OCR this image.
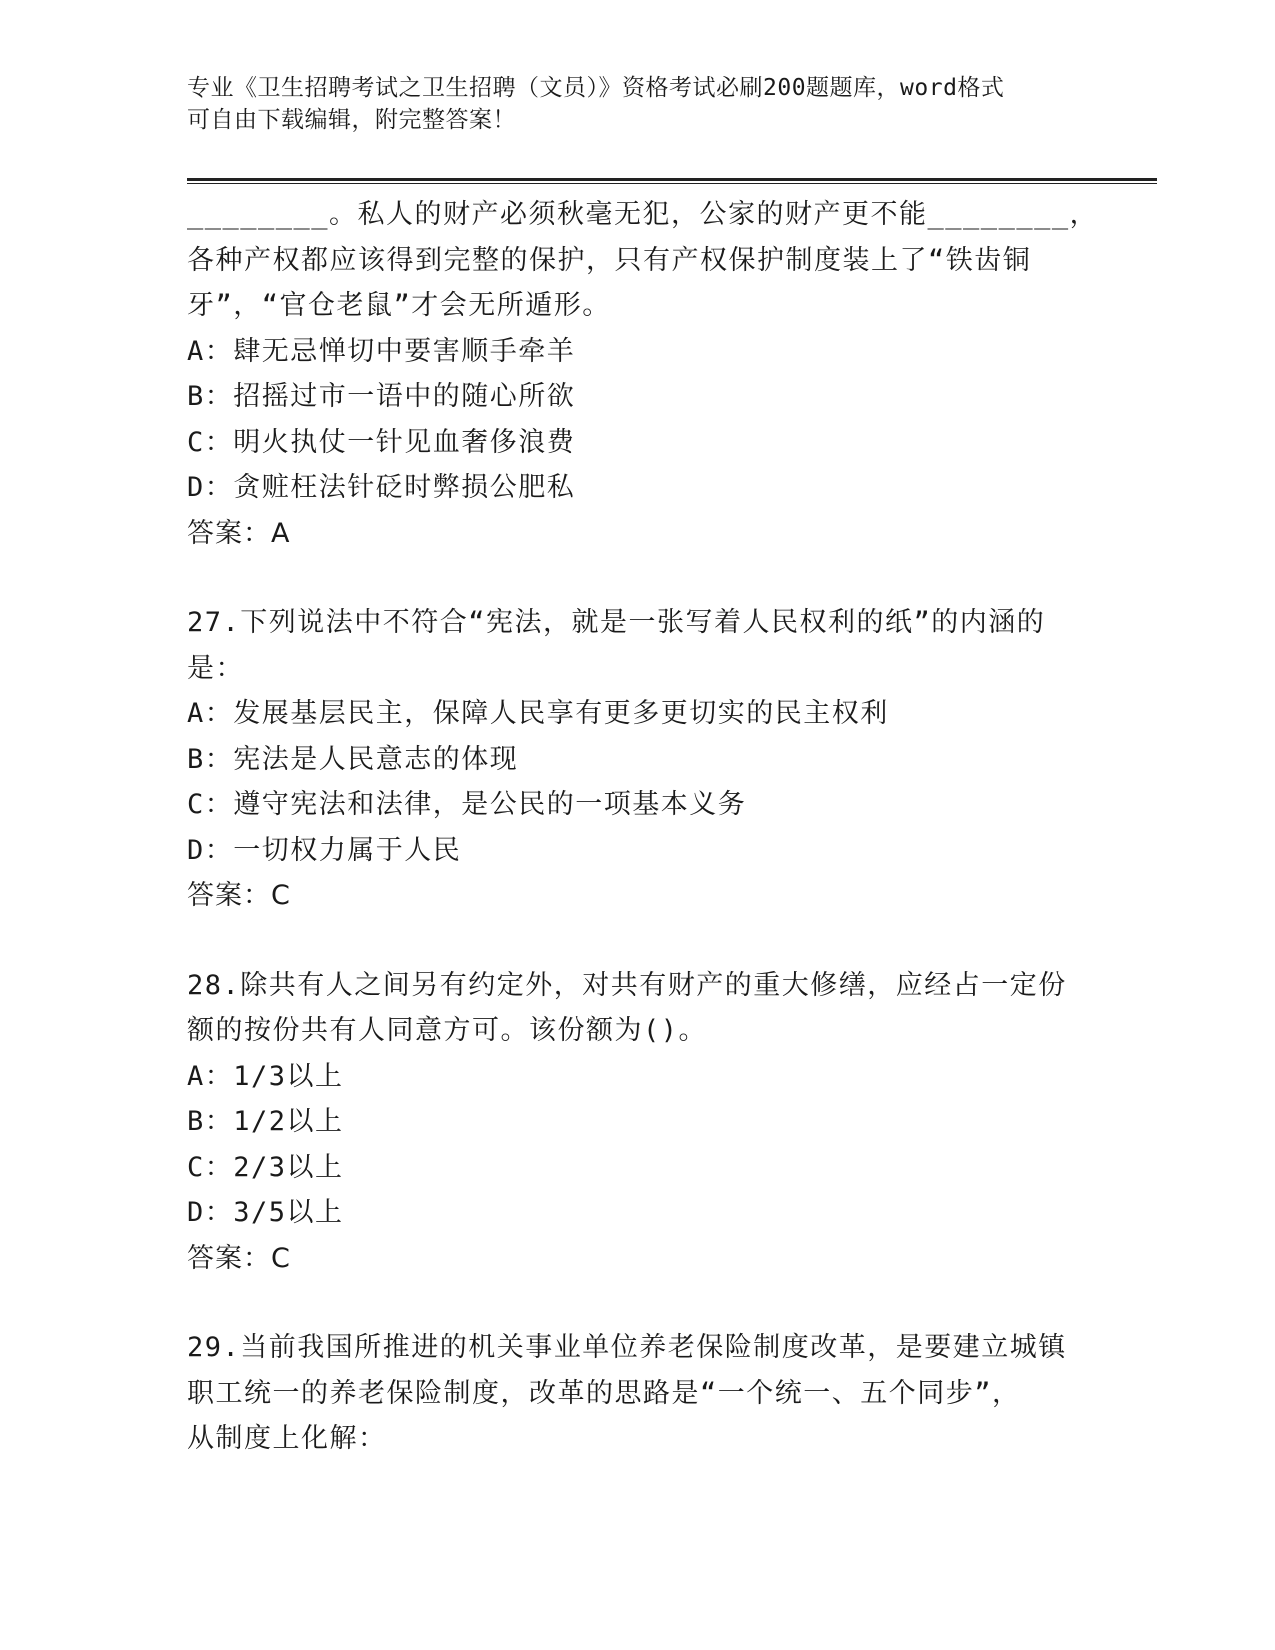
专业《卫生招聘考试之卫生招聘（文员）》资格考试必刷200题题库，word格式
可自由下载编辑，附完整答案！
________。私人的财产必须秋毫无犯，公家的财产更不能________，
各种产权都应该得到完整的保护，只有产权保护制度装上了“铁齿铜
牙”，“官仓老鼠”才会无所遁形。
A：肆无忌惮切中要害顺手牵羊
B：招摇过市一语中的随心所欲
C：明火执仗一针见血奢侈浪费
D：贪赃枉法针砭时弊损公肥私
答案：A
27.下列说法中不符合“宪法，就是一张写着人民权利的纸”的内涵的
是：
A：发展基层民主，保障人民享有更多更切实的民主权利
B：宪法是人民意志的体现
C：遵守宪法和法律，是公民的一项基本义务
D：一切权力属于人民
答案：C
28.除共有人之间另有约定外，对共有财产的重大修缮，应经占一定份
额的按份共有人同意方可。该份额为()。
A：1/3以上
B：1/2以上
C：2/3以上
D：3/5以上
答案：C
29.当前我国所推进的机关事业单位养老保险制度改革，是要建立城镇
职工统一的养老保险制度，改革的思路是“一个统一、五个同步”，
从制度上化解：
